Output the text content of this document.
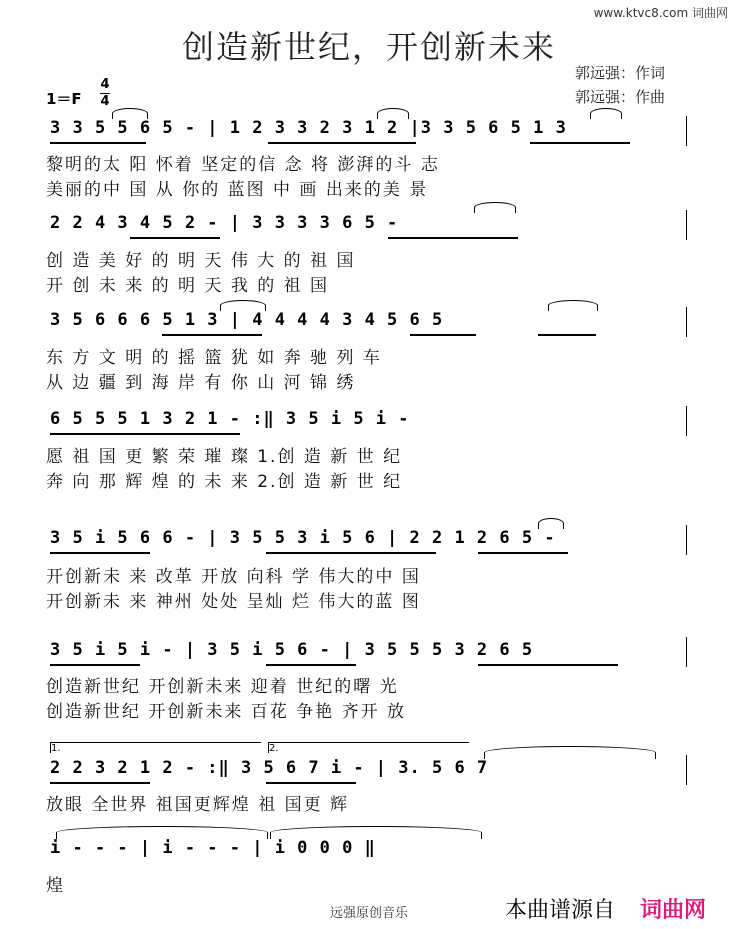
www.ktvc8.com 词曲网
创造新世纪，开创新未来
郭远强：作词
郭远强：作曲
1＝F
4
4
3 3 5 5 6 5 - | 1 2 3 3 2 3 1 2 |3 3 5 6 5 1 3
黎明的太 阳 怀着 坚定的信 念 将 澎湃的斗 志
美丽的中 国 从 你的 蓝图 中 画 出来的美 景
2 2 4 3 4 5 2 - | 3 3 3 3 6 5 -
创 造 美 好 的 明 天 伟 大 的 祖 国
开 创 未 来 的 明 天 我 的 祖 国
3 5 6 6 6 5 1 3 | 4 4 4 4 3 4 5 6 5
东 方 文 明 的 摇 篮 犹 如 奔 驰 列 车
从 边 疆 到 海 岸 有 你 山 河 锦 绣
6 5 5 5 1 3 2 1 - :‖ 3 5 i 5 i -
愿 祖 国 更 繁 荣 璀 璨 1.创 造 新 世 纪
奔 向 那 辉 煌 的 未 来 2.创 造 新 世 纪
3 5 i 5 6 6 - | 3 5 5 3 i 5 6 | 2 2 1 2 6 5 -
开创新未 来 改革 开放 向科 学 伟大的中 国
开创新未 来 神州 处处 呈灿 烂 伟大的蓝 图
3 5 i 5 i - | 3 5 i 5 6 - | 3 5 5 5 3 2 6 5
创造新世纪 开创新未来 迎着 世纪的曙 光
创造新世纪 开创新未来 百花 争艳 齐开 放
1.	2.
2 2 3 2 1 2 - :‖ 3 5 6 7 i - | 3. 5 6 7
放眼 全世界 祖国更辉煌 祖 国更 辉
i - - - | i - - - | i 0 0 0 ‖
煌
远强原创音乐	本曲谱源自 词曲网
